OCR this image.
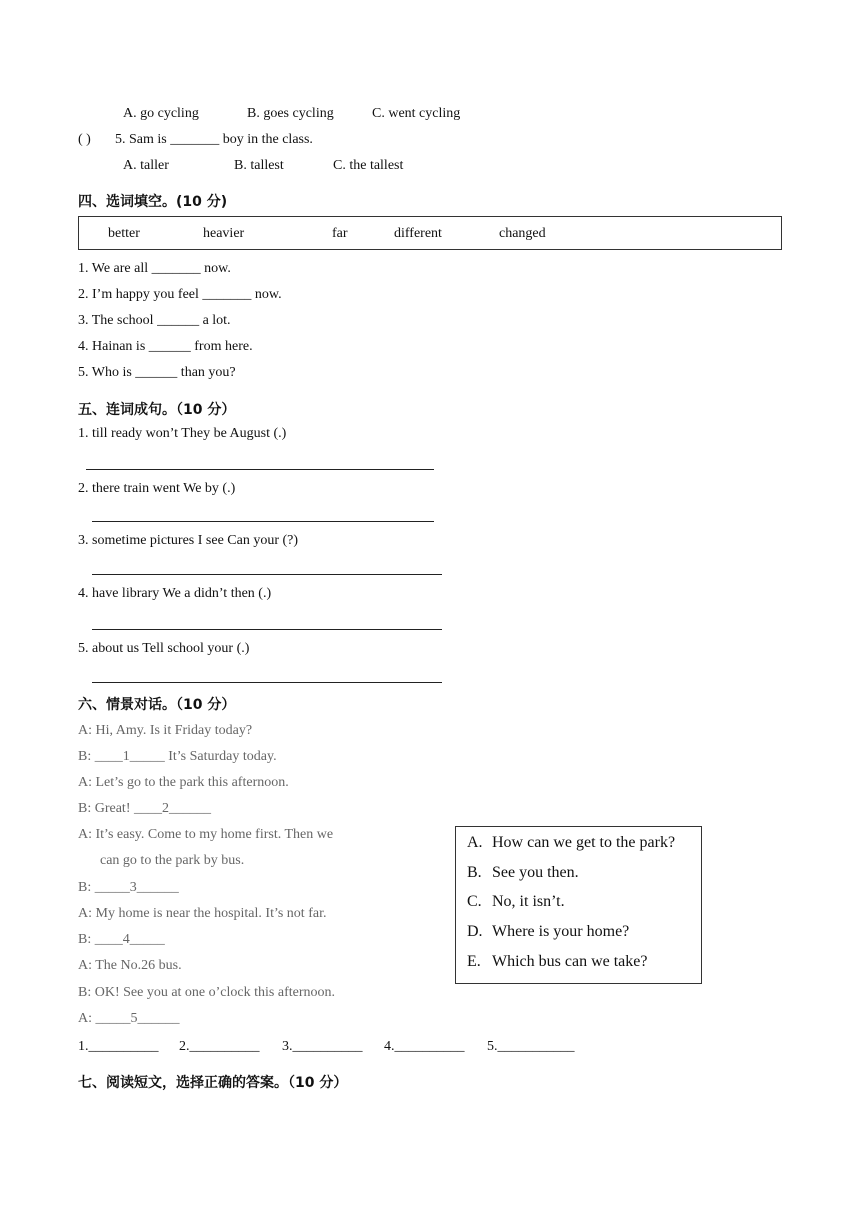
A. go cycling	B. goes cycling	C. went cycling
( ) 5. Sam is _______ boy in the class.
A. taller	B. tallest	C. the tallest
四、选词填空。(10 分)
better	heavier	far	different	changed
1. We are all _______ now.
2. I’m happy you feel _______ now.
3. The school ______ a lot.
4. Hainan is ______ from here.
5. Who is ______ than you?
五、连词成句。（10 分）
1. till ready won’t They be August (.)
2. there train went We by (.)
3. sometime pictures I see Can your (?)
4. have library We a didn’t then (.)
5. about us Tell school your (.)
六、情景对话。（10 分）
A: Hi, Amy. Is it Friday today?
B: ____1_____ It’s Saturday today.
A: Let’s go to the park this afternoon.
B: Great! ____2______
A: It’s easy. Come to my home first. Then we
can go to the park by bus.
B: _____3______
A: My home is near the hospital. It’s not far.
B: ____4_____
A: The No.26 bus.
B: OK! See you at one o’clock this afternoon.
A: _____5______
A. How can we get to the park?
B. See you then.
C. No, it isn’t.
D. Where is your home?
E. Which bus can we take?
1.__________ 2.__________ 3.__________ 4.__________ 5.___________
七、阅读短文，选择正确的答案。（10 分）
